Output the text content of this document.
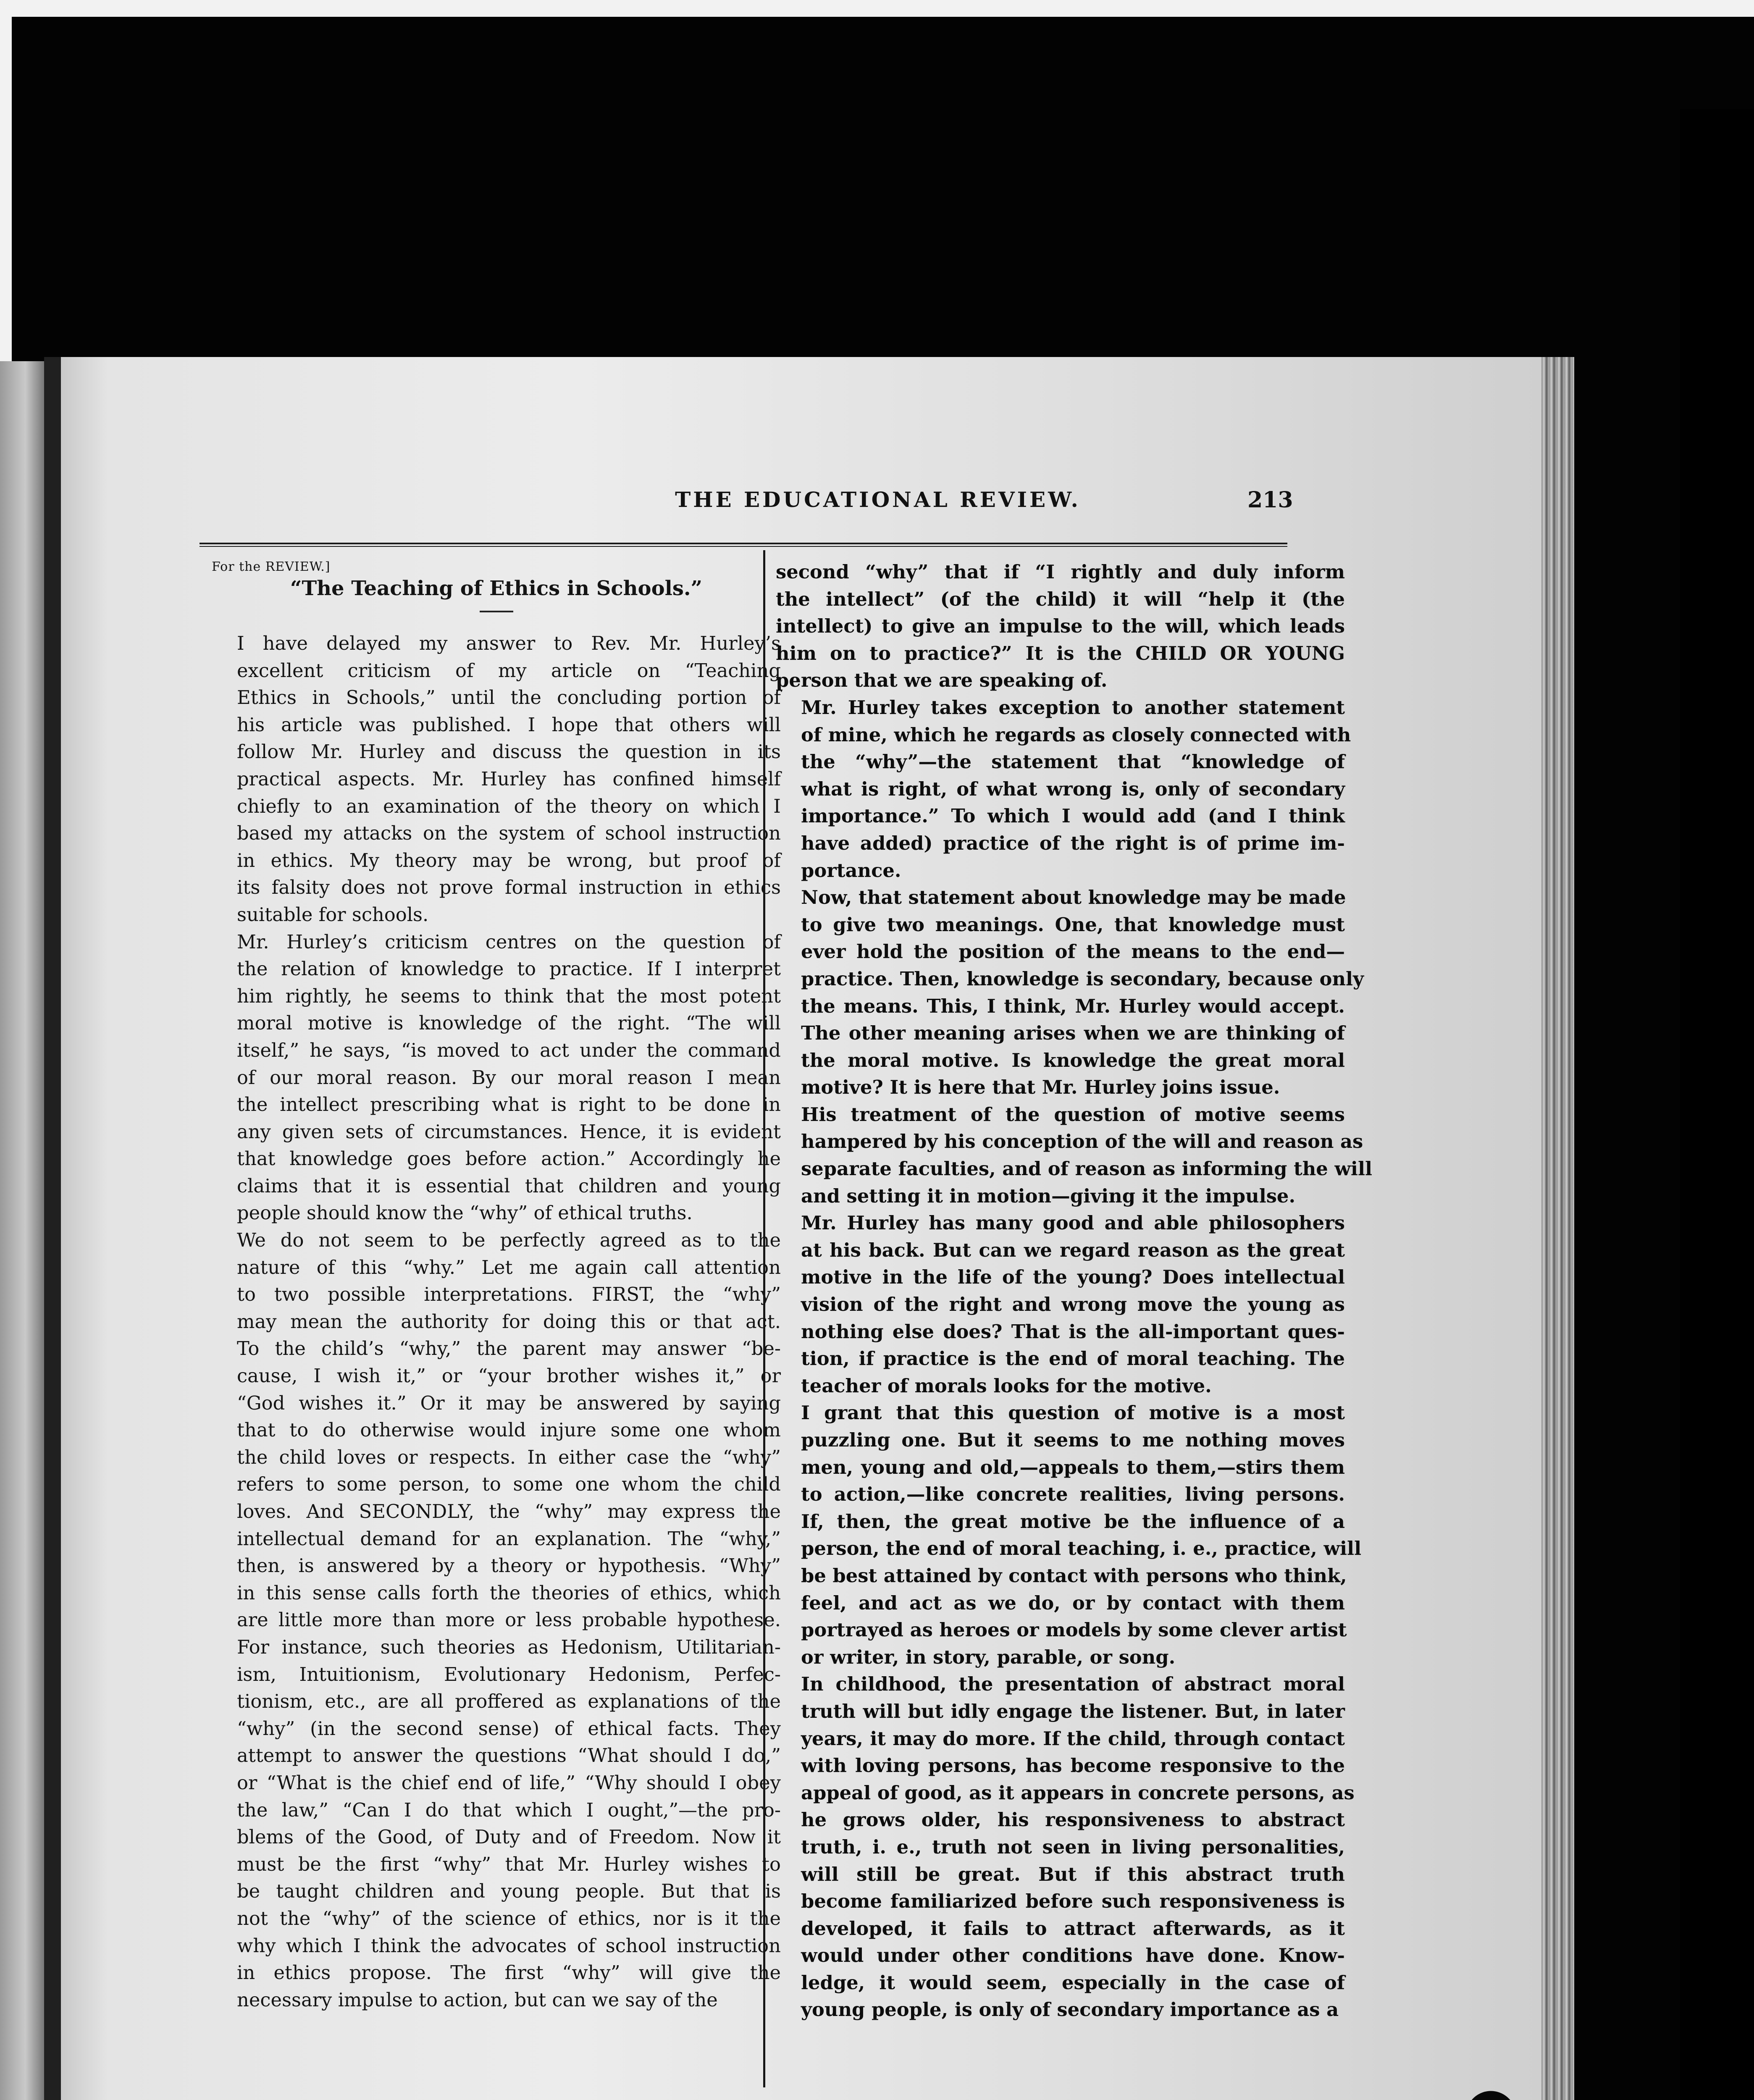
THE EDUCATIONAL REVIEW.	213
For the REVIEW.]
“The Teaching of Ethics in Schools.”

I have delayed my answer to Rev. Mr. Hurley’s
excellent criticism of my article on “Teaching
Ethics in Schools,” until the concluding portion of
his article was published. I hope that others will
follow Mr. Hurley and discuss the question in its
practical aspects. Mr. Hurley has confined himself
chiefly to an examination of the theory on which I
based my attacks on the system of school instruction
in ethics. My theory may be wrong, but proof of
its falsity does not prove formal instruction in ethics
suitable for schools.

Mr. Hurley’s criticism centres on the question of
the relation of knowledge to practice. If I interpret
him rightly, he seems to think that the most potent
moral motive is knowledge of the right. “The will
itself,” he says, “is moved to act under the command
of our moral reason. By our moral reason I mean
the intellect prescribing what is right to be done in
any given sets of circumstances. Hence, it is evident
that knowledge goes before action.” Accordingly he
claims that it is essential that children and young
people should know the “why” of ethical truths.

We do not seem to be perfectly agreed as to the
nature of this “why.” Let me again call attention
to two possible interpretations. FIRST, the “why”
may mean the authority for doing this or that act.
To the child’s “why,” the parent may answer “be-
cause, I wish it,” or “your brother wishes it,” or
“God wishes it.” Or it may be answered by saying
that to do otherwise would injure some one whom
the child loves or respects. In either case the “why”
refers to some person, to some one whom the child
loves. And SECONDLY, the “why” may express the
intellectual demand for an explanation. The “why,”
then, is answered by a theory or hypothesis. “Why”
in this sense calls forth the theories of ethics, which
are little more than more or less probable hypothese.
For instance, such theories as Hedonism, Utilitarian-
ism, Intuitionism, Evolutionary Hedonism, Perfec-
tionism, etc., are all proffered as explanations of the
“why” (in the second sense) of ethical facts. They
attempt to answer the questions “What should I do,”
or “What is the chief end of life,” “Why should I obey
the law,” “Can I do that which I ought,”—the pro-
blems of the Good, of Duty and of Freedom. Now it
must be the first “why” that Mr. Hurley wishes to
be taught children and young people. But that is
not the “why” of the science of ethics, nor is it the
why which I think the advocates of school instruction
in ethics propose. The first “why” will give the
necessary impulse to action, but can we say of the

second “why” that if “I rightly and duly inform
the intellect” (of the child) it will “help it (the
intellect) to give an impulse to the will, which leads
him on to practice?” It is the CHILD OR YOUNG
person that we are speaking of.

Mr. Hurley takes exception to another statement
of mine, which he regards as closely connected with
the “why”—the statement that “knowledge of
what is right, of what wrong is, only of secondary
importance.” To which I would add (and I think
have added) practice of the right is of prime im-
portance.

Now, that statement about knowledge may be made
to give two meanings. One, that knowledge must
ever hold the position of the means to the end—
practice. Then, knowledge is secondary, because only
the means. This, I think, Mr. Hurley would accept.
The other meaning arises when we are thinking of
the moral motive. Is knowledge the great moral
motive? It is here that Mr. Hurley joins issue.

His treatment of the question of motive seems
hampered by his conception of the will and reason as
separate faculties, and of reason as informing the will
and setting it in motion—giving it the impulse.

Mr. Hurley has many good and able philosophers
at his back. But can we regard reason as the great
motive in the life of the young? Does intellectual
vision of the right and wrong move the young as
nothing else does? That is the all-important ques-
tion, if practice is the end of moral teaching. The
teacher of morals looks for the motive.

I grant that this question of motive is a most
puzzling one. But it seems to me nothing moves
men, young and old,—appeals to them,—stirs them
to action,—like concrete realities, living persons.
If, then, the great motive be the influence of a
person, the end of moral teaching, i. e., practice, will
be best attained by contact with persons who think,
feel, and act as we do, or by contact with them
portrayed as heroes or models by some clever artist
or writer, in story, parable, or song.

In childhood, the presentation of abstract moral
truth will but idly engage the listener. But, in later
years, it may do more. If the child, through contact
with loving persons, has become responsive to the
appeal of good, as it appears in concrete persons, as
he grows older, his responsiveness to abstract
truth, i. e., truth not seen in living personalities,
will still be great. But if this abstract truth
become familiarized before such responsiveness is
developed, it fails to attract afterwards, as it
would under other conditions have done. Know-
ledge, it would seem, especially in the case of
young people, is only of secondary importance as a
